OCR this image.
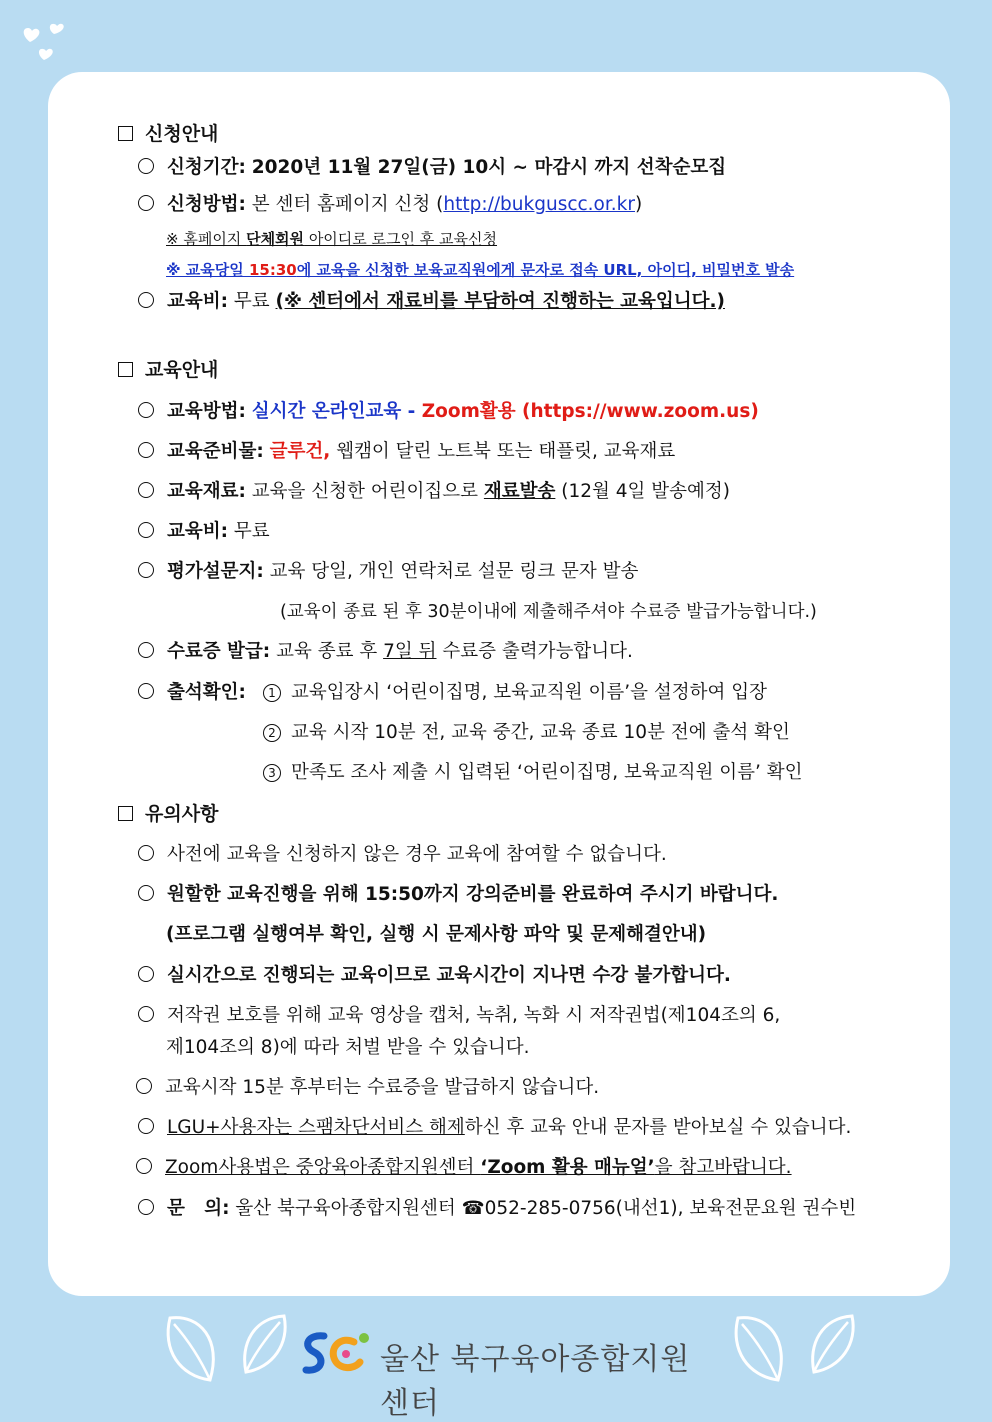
신청안내
신청기간: 2020년 11월 27일(금) 10시 ~ 마감시 까지 선착순모집
신청방법: 본 센터 홈페이지 신청 (http://bukguscc.or.kr)
※ 홈페이지 단체회원 아이디로 로그인 후 교육신청
※ 교육당일 15:30에 교육을 신청한 보육교직원에게 문자로 접속 URL, 아이디, 비밀번호 발송
교육비: 무료 (※ 센터에서 재료비를 부담하여 진행하는 교육입니다.)
교육안내
교육방법: 실시간 온라인교육 - Zoom활용 (https://www.zoom.us)
교육준비물: 글루건, 웹캠이 달린 노트북 또는 태플릿, 교육재료
교육재료: 교육을 신청한 어린이집으로 재료발송 (12월 4일 발송예정)
교육비: 무료
평가설문지: 교육 당일, 개인 연락처로 설문 링크 문자 발송
(교육이 종료 된 후 30분이내에 제출해주셔야 수료증 발급가능합니다.)
수료증 발급: 교육 종료 후 7일 뒤 수료증 출력가능합니다.
출석확인:	1 교육입장시 ‘어린이집명, 보육교직원 이름’을 설정하여 입장
2 교육 시작 10분 전, 교육 중간, 교육 종료 10분 전에 출석 확인
3 만족도 조사 제출 시 입력된 ‘어린이집명, 보육교직원 이름’ 확인
유의사항
사전에 교육을 신청하지 않은 경우 교육에 참여할 수 없습니다.
원할한 교육진행을 위해 15:50까지 강의준비를 완료하여 주시기 바랍니다.
(프로그램 실행여부 확인, 실행 시 문제사항 파악 및 문제해결안내)
실시간으로 진행되는 교육이므로 교육시간이 지나면 수강 불가합니다.
저작권 보호를 위해 교육 영상을 캡처, 녹취, 녹화 시 저작권법(제104조의 6,
제104조의 8)에 따라 처벌 받을 수 있습니다.
교육시작 15분 후부터는 수료증을 발급하지 않습니다.
LGU+사용자는 스팸차단서비스 해제하신 후 교육 안내 문자를 받아보실 수 있습니다.
Zoom사용법은 중앙육아종합지원센터 ‘Zoom 활용 매뉴얼’을 참고바랍니다.
문   의: 울산 북구육아종합지원센터 ☎052-285-0756(내선1), 보육전문요원 권수빈
울산 북구육아종합지원센터
